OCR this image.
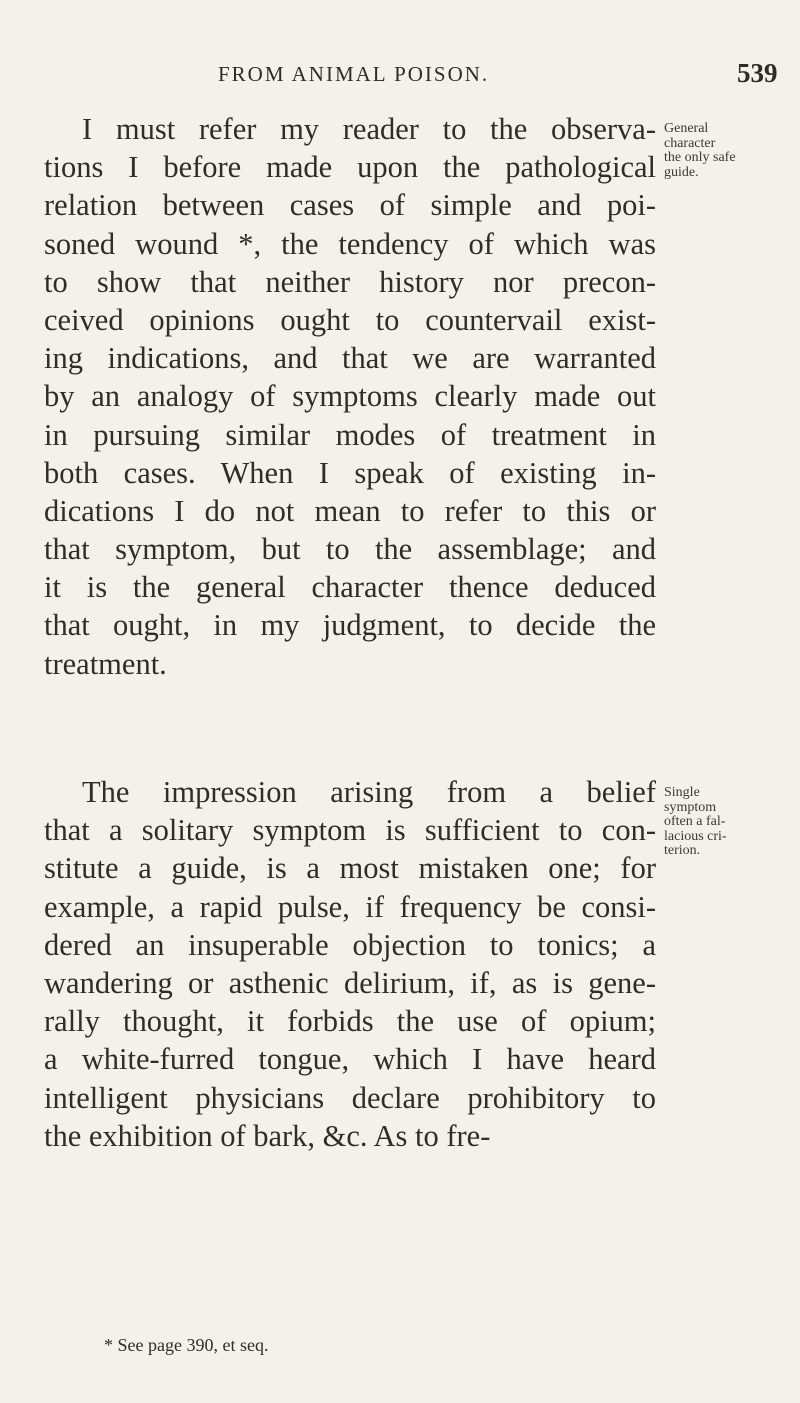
FROM ANIMAL POISON.	539
I must refer my reader to the observa-
tions I before made upon the pathological
relation between cases of simple and poi-
soned wound *, the tendency of which was
to show that neither history nor precon-
ceived opinions ought to countervail exist-
ing indications, and that we are warranted
by an analogy of symptoms clearly made out
in pursuing similar modes of treatment in
both cases. When I speak of existing in-
dications I do not mean to refer to this or
that symptom, but to the assemblage; and
it is the general character thence deduced
that ought, in my judgment, to decide the
treatment.
General
character
the only safe
guide.
The impression arising from a belief
that a solitary symptom is sufficient to con-
stitute a guide, is a most mistaken one; for
example, a rapid pulse, if frequency be consi-
dered an insuperable objection to tonics; a
wandering or asthenic delirium, if, as is gene-
rally thought, it forbids the use of opium;
a white-furred tongue, which I have heard
intelligent physicians declare prohibitory to
the exhibition of bark, &c. As to fre-
Single
symptom
often a fal-
lacious cri-
terion.
* See page 390, et seq.
